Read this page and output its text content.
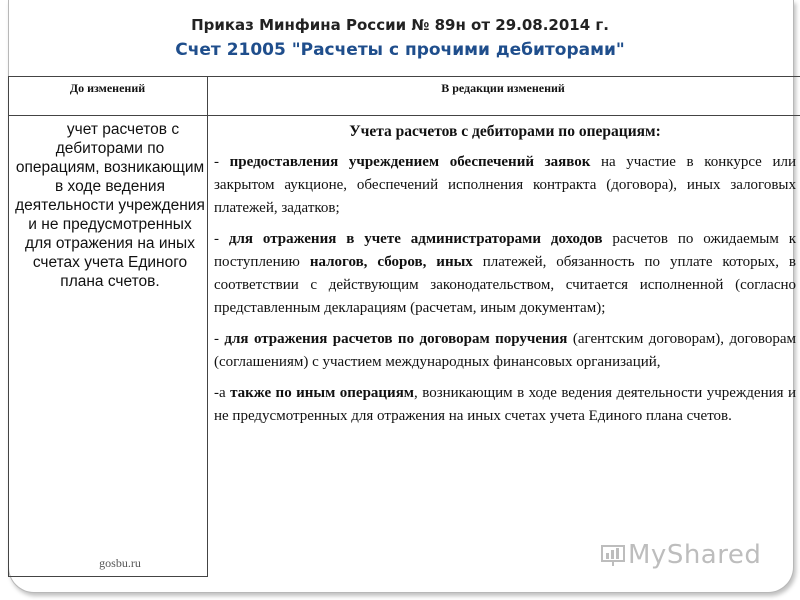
Приказ Минфина России № 89н от 29.08.2014 г.
Счет 21005 "Расчеты с прочими дебиторами"
До изменений	В редакции изменений
учет расчетов с дебиторами по операциям, возникающим в ходе ведения деятельности учреждения и не предусмотренных для отражения на иных счетах учета Единого плана счетов.
Учета расчетов с дебиторами по операциям:

- предоставления учреждением обеспечений заявок на участие в конкурсе или закрытом аукционе, обеспечений исполнения контракта (договора), иных залоговых платежей, задатков;

- для отражения в учете администраторами доходов расчетов по ожидаемым к поступлению налогов, сборов, иных платежей, обязанность по уплате которых, в соответствии с действующим законодательством, считается исполненной (согласно представленным декларациям (расчетам, иным документам);

- для отражения расчетов по договорам поручения (агентским договорам), договорам (соглашениям) с участием международных финансовых организаций,

-а также по иным операциям, возникающим в ходе ведения деятельности учреждения и не предусмотренных для отражения на иных счетах учета Единого плана счетов.

gosbu.ru	MyShared
